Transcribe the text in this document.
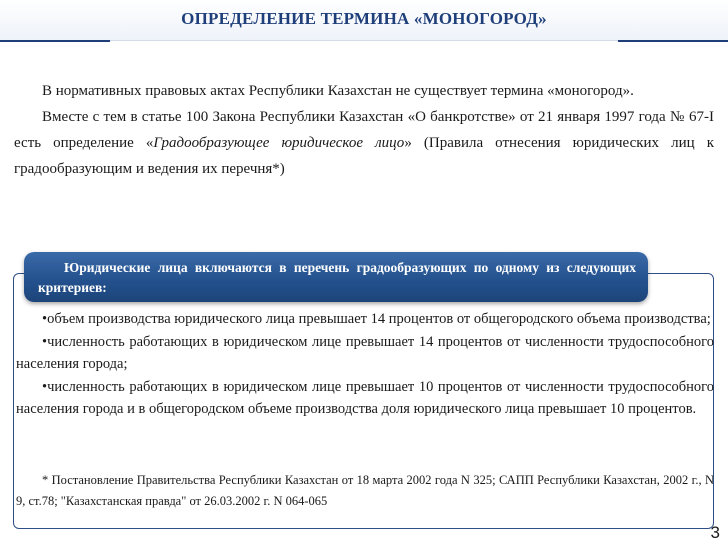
ОПРЕДЕЛЕНИЕ ТЕРМИНА «МОНОГОРОД»

В нормативных правовых актах Республики Казахстан не существует термина «моногород».

Вместе с тем в статье 100 Закона Республики Казахстан «О банкротстве» от 21 января 1997 года № 67-I есть определение «Градообразующее юридическое лицо» (Правила отнесения юридических лиц к градообразующим и ведения их перечня*)

Юридические лица включаются в перечень градообразующих по одному из следующих критериев:

•объем производства юридического лица превышает 14 процентов от общегородского объема производства;

•численность работающих в юридическом лице превышает 14 процентов от численности трудоспособного населения города;

•численность работающих в юридическом лице превышает 10 процентов от численности трудоспособного населения города и в общегородском объеме производства доля юридического лица превышает 10 процентов.

* Постановление Правительства Республики Казахстан от 18 марта 2002 года N 325; САПП Республики Казахстан, 2002 г., N 9, ст.78; "Казахстанская правда" от 26.03.2002 г. N 064-065

3
